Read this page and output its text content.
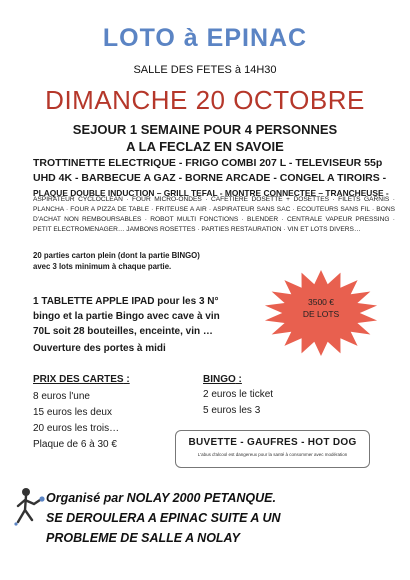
LOTO à EPINAC
SALLE DES FETES à 14H30
DIMANCHE 20 OCTOBRE
SEJOUR 1 SEMAINE POUR 4 PERSONNES
A LA FECLAZ EN SAVOIE
TROTTINETTE ELECTRIQUE - FRIGO COMBI 207 L - TELEVISEUR 55p
UHD 4K - BARBECUE A GAZ - BORNE ARCADE - CONGEL A TIROIRS -
PLAQUE DOUBLE INDUCTION – GRILL TEFAL - MONTRE CONNECTEE – TRANCHEUSE -
ASPIRATEUR CYCLOCLEAN · FOUR MICRO-ONDES · CAFETIERE DOSETTE + DOSETTES · FILETS GARNIS · PLANCHA · FOUR A PIZZA DE TABLE · FRITEUSE A AIR · ASPIRATEUR SANS SAC · ECOUTEURS SANS FIL · BONS D'ACHAT NON REMBOURSABLES · ROBOT MULTI FONCTIONS · BLENDER · CENTRALE VAPEUR PRESSING · PETIT ELECTROMENAGER… JAMBONS ROSETTES · PARTIES RESTAURATION · VIN ET LOTS DIVERS…
20 parties carton plein (dont la partie BINGO)
avec 3 lots minimum à chaque partie.
1 TABLETTE APPLE IPAD pour les 3 N°
bingo et la partie Bingo avec cave à vin
70L soit 28 bouteilles, enceinte, vin …
Ouverture des portes à midi
3500 €
DE LOTS
PRIX DES CARTES :
8 euros l'une
15 euros les deux
20 euros les trois…
Plaque de 6 à 30 €
BINGO :
2 euros le ticket
5 euros les 3
BUVETTE - GAUFRES - HOT DOG
L'abus d'alcool est dangereux pour la santé à consommer avec modération
Organisé par NOLAY 2000 PETANQUE.
SE DEROULERA A EPINAC SUITE A UN
PROBLEME DE SALLE A NOLAY
